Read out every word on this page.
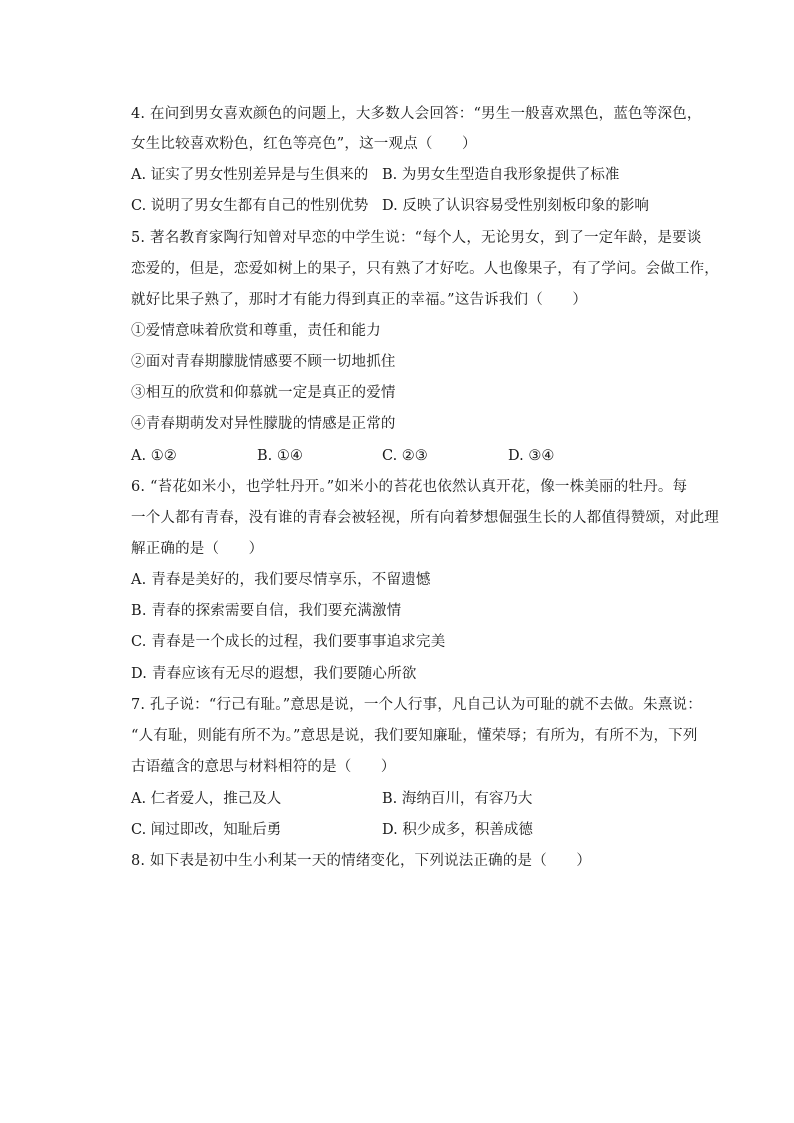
4. 在问到男女喜欢颜色的问题上，大多数人会回答：“男生一般喜欢黑色，蓝色等深色，
女生比较喜欢粉色，红色等亮色”，这一观点（　　）
A. 证实了男女性别差异是与生俱来的 B. 为男女生型造自我形象提供了标准
C. 说明了男女生都有自己的性别优势 D. 反映了认识容易受性别刻板印象的影响
5. 著名教育家陶行知曾对早恋的中学生说：“每个人，无论男女，到了一定年龄，是要谈
恋爱的，但是，恋爱如树上的果子，只有熟了才好吃。人也像果子，有了学问。会做工作，
就好比果子熟了，那时才有能力得到真正的幸福。”这告诉我们（　　）
①爱情意味着欣赏和尊重，责任和能力
②面对青春期朦胧情感要不顾一切地抓住
③相互的欣赏和仰慕就一定是真正的爱情
④青春期萌发对异性朦胧的情感是正常的
A. ①②	B. ①④	C. ②③	D. ③④
6. “苔花如米小，也学牡丹开。”如米小的苔花也依然认真开花，像一株美丽的牡丹。每
一个人都有青春，没有谁的青春会被轻视，所有向着梦想倔强生长的人都值得赞颂，对此理
解正确的是（　　）
A. 青春是美好的，我们要尽情享乐，不留遗憾
B. 青春的探索需要自信，我们要充满激情
C. 青春是一个成长的过程，我们要事事追求完美
D. 青春应该有无尽的遐想，我们要随心所欲
7. 孔子说：“行己有耻。”意思是说，一个人行事，凡自己认为可耻的就不去做。朱熹说：
“人有耻，则能有所不为。”意思是说，我们要知廉耻，懂荣辱；有所为，有所不为，下列
古语蕴含的意思与材料相符的是（　　）
A. 仁者爱人，推己及人	B. 海纳百川，有容乃大
C. 闻过即改，知耻后勇	D. 积少成多，积善成德
8. 如下表是初中生小利某一天的情绪变化，下列说法正确的是（　　）
